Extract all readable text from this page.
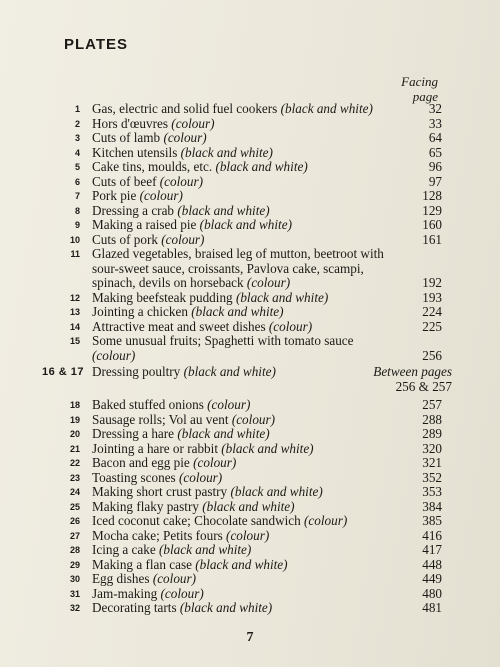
PLATES
Facing
page
1 Gas, electric and solid fuel cookers (black and white)	32
2 Hors d'œuvres (colour)	33
3 Cuts of lamb (colour)	64
4 Kitchen utensils (black and white)	65
5 Cake tins, moulds, etc. (black and white)	96
6 Cuts of beef (colour)	97
7 Pork pie (colour)	128
8 Dressing a crab (black and white)	129
9 Making a raised pie (black and white)	160
10 Cuts of pork (colour)	161
11 Glazed vegetables, braised leg of mutton, beetroot with
sour-sweet sauce, croissants, Pavlova cake, scampi,
spinach, devils on horseback (colour)	192
12 Making beefsteak pudding (black and white)	193
13 Jointing a chicken (black and white)	224
14 Attractive meat and sweet dishes (colour)	225
15 Some unusual fruits; Spaghetti with tomato sauce
(colour)	256
16 & 17 Dressing poultry (black and white)	Between pages
256 & 257
18 Baked stuffed onions (colour)	257
19 Sausage rolls; Vol au vent (colour)	288
20 Dressing a hare (black and white)	289
21 Jointing a hare or rabbit (black and white)	320
22 Bacon and egg pie (colour)	321
23 Toasting scones (colour)	352
24 Making short crust pastry (black and white)	353
25 Making flaky pastry (black and white)	384
26 Iced coconut cake; Chocolate sandwich (colour)	385
27 Mocha cake; Petits fours (colour)	416
28 Icing a cake (black and white)	417
29 Making a flan case (black and white)	448
30 Egg dishes (colour)	449
31 Jam-making (colour)	480
32 Decorating tarts (black and white)	481
7
